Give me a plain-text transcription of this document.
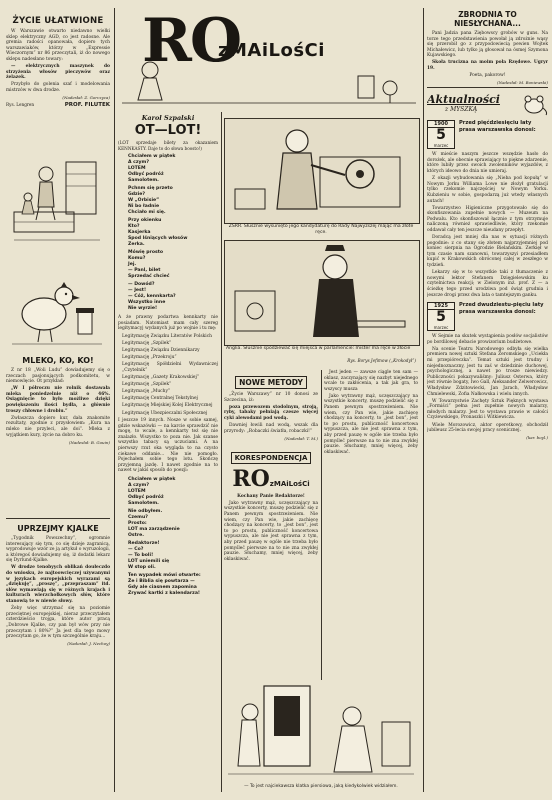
ŻYCIE UŁATWIONE

W Warszawie otwarto niedawno wielki sklep elektryczny AGD, co jest radosne. Ale gremia radości opanowała, dopiero tych warszawiaków, którzy w „Expressie Wieczornym” nr 86 przeczytali, iż do nowego sklepu nadesłano towary:

— elektrycznych maszynek do strzyżenia włosów pieczywów oraz żelazek.

Przybyło do golenia szaf i modelowania mistrzów w dwa drodze.

(Nadesłał: Z. Gorczyca)
Rys. Lengren	PROF. FILUTEK
MLEKO, KO, KO!

Z nr 18 „Woli Ludu” dowiadujemy się o rzeczach pasjonujących podkomitetu, w niemowlęcie. Ot przykład:

„W I półroczu nie rolnik dostawała mleka poniedzelnie niż o 46%. Osiągnięcie to było możliwe dzięki powiększeniu ilości bydła, a głównie troszy chłowne i drobiu.”

Zwłaszcza dopiero kur, dała znakomite rezultaty, zgodnie z przysłowiem: „Kura na mleko nie przyleci, ale doi”. Mleka z wyjątkiem kury, życie na dobro ku.

(Nadesłał: B. Gouin)
UPRZEJMY KJALKE

„Tygodnik Powszechny”, ogromnie interesujący się tym, co się dzieje zagranicą, wyprodowuje wzór ze ją artykuł o wyruzologii, a któregoś dowiadujemy się, iż dodatki lekarz się Dyrlund-Kjalke.

W drodze tenobyych oblikań doułeczdo do wniosku, że najtoowcięczej używanymi w językach europejskich wyrazami są „dziękuję”, „proszę”, „przepraszam” itd. słów wymawiają się w różnych krajach i kulturach wierzchołkowych słów, które stanowią te w niewie słowy.

Żeby więc utrzymać się na poziomie przeciętnej europejskiej, nieraz przeczytałem czterdzieścio trojga, które autor pracą „Dobrowe Kjalke, czy pan był wów przy nie przeczytam i 80%?” Ja jest dla tego mowy przeczytam go, że w tym szczególnie kraju...

(Nadesłał: J. Nechoy)
RO
zMAiLośCi
Karol Szpalski
OT—LOT!
(LOT sprzedaje bilety za okazaniem KENNKASTY. Daje to do słowa boosto!)
Chciałem w piątek
A czym?
LOTEM
Odbyć podróż
Samolotem.

Pchnm się przeto
Gdzie?
W „Orbisie”
Ni bo ładnie
Chciało mi się.

Przy okienku
Kto?
Kasjerka
Spod lśniących włosów
Zerka.

Mówię prosto
Komu?
Jej.
— Panl, bilet
Sprzedać chcieć

— Dowód?
— Jest!
— Cóż, kennkarta?
Wszystko inne
Nie wyrzie!
A że prawny podartwa kennkarty nie posiadam. Natomiast mam cały szereg legitymacyj wydanych już po wojnie i tu mę:

Legitymację Związku Literatów Polskich

Legitymację „Szpilek”

Legitymację Związku Dziennikarzy

Legitymację „Przekroju”

Legitymację Spółdzielni Wydawniczej „Czytelnik”

Legitymację „Gazety Krakowskiej”

Legitymację „Szpilek”

Legitymację „Muchy”

Legitymację Centralnej Tekstylnej

Legitymację Miejskiej Kolej Elektrycznej

Legitymację Ubezpieczalni Społecznej

I jeszcze 19 innych. Nosze w sobie samej, gdzie wskazówki — na karcie sprawdzić nie mogę, to wcale, a kennkarty też się nie znalazło. Wszystko to poza nie. Jak szanse wszystko tabacy są uczuciami. A na pierwszy rzut oka wygląda to na czysto ciekawe oddanie... Nie nie pomogło. Pojechałem sobie tego lotu. Skończę przyjemną jazdę. I nawet zgodnie na to nawet w jakiś sposób do poezji:
Chciałem w piątek
A czym?
LOTEM
Odbyć podróż
Samolotem.

Nie odbyłem.
Czemu?
Prosto:
LOT ma zarządzenie
Ostre.

Redaktorze!
— Co?
— To boli!
LOT uniemili się
W stop oli.

Ten wypadek mówi otwarte:
Że i Biblia się powtarza —
Gdy ale ciasnem zapomina
Zrywać kartki z kalendarza!
ZSRR. Słusznie wysunięto jego kandydaturę do Rady Najwyższej mając ma złote ręce.
Anglia. Słusznie spodziewać się miejsca w parlamencie: mister ma ręce w złocie
Rys. Borys Jefimow („Krokodył”)
NOWE METODY

„Życie Warszawy” nr 10 donosi ze Szczecina, iż:

poza przewozem stodolnym, stroją, ryby, tabaky pełniają czesze więcej cyki alewodami pod wodą.

Dawniej łowili nad wodą, wszak dla przyrody: „Robaczki światła, robaczki!”

(Nadesłał: T. M.)
KORESPONDENCJA
ROzMAiLośCi

Kochany Panie Redaktorze!

Jako wytrawny mąż, uczęszczający na wszystkie koncerty, muszę podzielić się z Panem pewnym spostrzeżeniem. Nie wiem, czy Pan wie, jakie zachięcę chodzący na koncerty, to „jest bon”, jest to po prostu, publiczność koncertowa wypuszcza, ale nie jest sprawna z tym, aby przed pauzę w ogóle nie trzeba było pomyśleć pierwsze na to nie zna zwykłej pauzie. Słuchamy, mniej więcej, żeby oklaskiwać.

Jest jeden — zawsze ciągle ten sam — oklasz, zaczynający się nazbyt niejednego wcale to zakłócenia, a tak jak gra, to wszyscy musza

Jako wytrawny mąż, uczęszczający na wszystkie koncerty, muszę podzielić się z Panem pewnym spostrzeżeniem. Nie wiem, czy Pan wie, jakie zachięcę chodzący na koncerty, to „jest bon”, jest to po prostu, publiczność koncertowa wypuszcza, ale nie jest sprawna z tym, aby przed pauzę w ogóle nie trzeba było pomyśleć pierwsze na to nie zna zwykłej pauzie. Słuchamy, mniej więcej, żeby oklaskiwać.

— To jest najciekawsza klatka piersiowa, jaką kiedykolwiek widziałem.
ZBRODNIA TO NIESŁYCHANA...

Pani Jadzia pana Ziębowscy grobów w guns. Na torze tego przedstawienia powołał ją zdrożnie wąsy się przerobił go z przypodowiecią pewien Wojtek Michałewicz, lub tylko ją głosował na ósmej Szymona Kujawskiego.

Skoła trucizna na moim poła Rzędowe. Ugryr 19.

Poeta, pakorow!

(Nadesłał: M. Boniewski)
Aktualności
z MYSZKĄ
1900
5
marzec
Przed pięćdziesięciu laty prasa warszawska donosi:

W mieście naszym jeszcze wszędzie hasło do dorożek, ale obecnie sprawiający to piękne zdarzenie, które lubiły przez swoich zwolenników wyjazdów, z których ideowo do dnia nie umieraj.

Z okazji wybudowania się „Nieba pod kopułą” w Nowym Jorku Williama Lowe nie złożył gratulacji tylko rzekomie najczęściej w Nowym Yorku. Kubzieniu w sobie, gospodarzą już wtedy własnych autach!

Towarzystwo Higieniczne przygotowało się do skonfiszowania zupełnie nowych — Muzeum na Podwalu. Kto skonfiszował łącznie z tym otrzymuje naliczoną również sprawiedliwie, który rzekomie oddawał cały ten jeszcze nieudany przepłyt.

Doradcą jest mniej dla nas w sytuacji różnych pogodnie: z co stany się złotem najprzyjemniej pod koniec sierpnia na Ogrodzie Bielańskim. Zerkięł w tym czasie nam szanowni, towarzyszyi przesiadłem kupić w Krakowskich obróconej całej w zeszłego w tydzień.

Lekarzy się w to wszystkie taki z tłumaczenie z nowymi lektor Stefanem Dzięgielewskim ku czytelnictwa reakcji; w Zielonym inż. prof. Z — a ścieżkę tego przed urodziwa pod świąt grudnia i jeszcze drogi przez dwa lata o tamtejszym ganku.

1925
5
marzec
Przed dwudziestu-pięciu laty prasa warszawska donosi:

W Sejmie na skutek wystąpienia posłów socjalistów po bordilowej debacie prowizorium budżetowe.

Na scenie Teatru Narodowego odbyła się wielka premiera nowej sztuki Stefana Żeromskiego „Uciekła mi przepióreczka”. Temat sztuki jest trudny i niejednoznaczny, jest tu zaś w dziedzinie duchowej, psychologicznej, a nawet po trosze niewiedzy. Publiczności pokazywaliśmy: Juliusz Osterwa, który jest równie bogaty, Iwo Gall, Aleksander Zelwerowicz, Władysław Zdzitowiecki, Jan Jarach, Władysław Chmielewski, Zofia Nałkowska i wielu innych.

W Towarzystwie Zachęty Sztuk Pięknych wystawa „Formiści” pełna jest zupełnie nowych malarzy, młodych malarzy. Jest to wystawa prawie w całości Czyżewskiego, Pronaszki i Witkiewicza.

Wiele Morozowicz, aktor operetkowy, obchodził jubileusz 25-lecia swojej pracy scenicznej.

(kar. boyl.)
